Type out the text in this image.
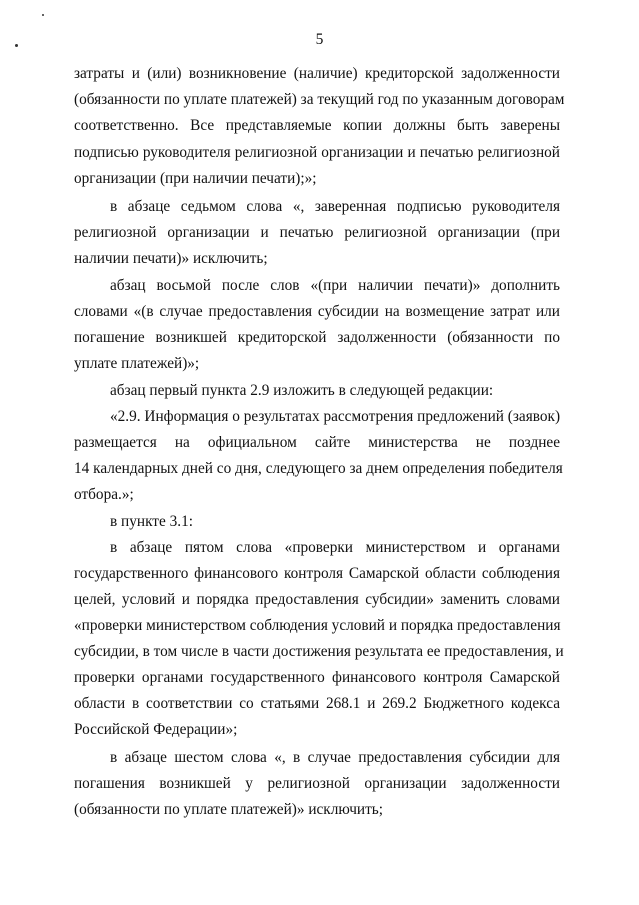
5
затраты и (или) возникновение (наличие) кредиторской задолженности
(обязанности по уплате платежей) за текущий год по указанным договорам
соответственно. Все представляемые копии должны быть заверены
подписью руководителя религиозной организации и печатью религиозной
организации (при наличии печати);»;
в абзаце седьмом слова «, заверенная подписью руководителя
религиозной организации и печатью религиозной организации (при
наличии печати)» исключить;
абзац восьмой после слов «(при наличии печати)» дополнить
словами «(в случае предоставления субсидии на возмещение затрат или
погашение возникшей кредиторской задолженности (обязанности по
уплате платежей)»;
абзац первый пункта 2.9 изложить в следующей редакции:
«2.9. Информация о результатах рассмотрения предложений (заявок)
размещается на официальном сайте министерства не позднее
14 календарных дней со дня, следующего за днем определения победителя
отбора.»;
в пункте 3.1:
в абзаце пятом слова «проверки министерством и органами
государственного финансового контроля Самарской области соблюдения
целей, условий и порядка предоставления субсидии» заменить словами
«проверки министерством соблюдения условий и порядка предоставления
субсидии, в том числе в части достижения результата ее предоставления, и
проверки органами государственного финансового контроля Самарской
области в соответствии со статьями 268.1 и 269.2 Бюджетного кодекса
Российской Федерации»;
в абзаце шестом слова «, в случае предоставления субсидии для
погашения возникшей у религиозной организации задолженности
(обязанности по уплате платежей)» исключить;
